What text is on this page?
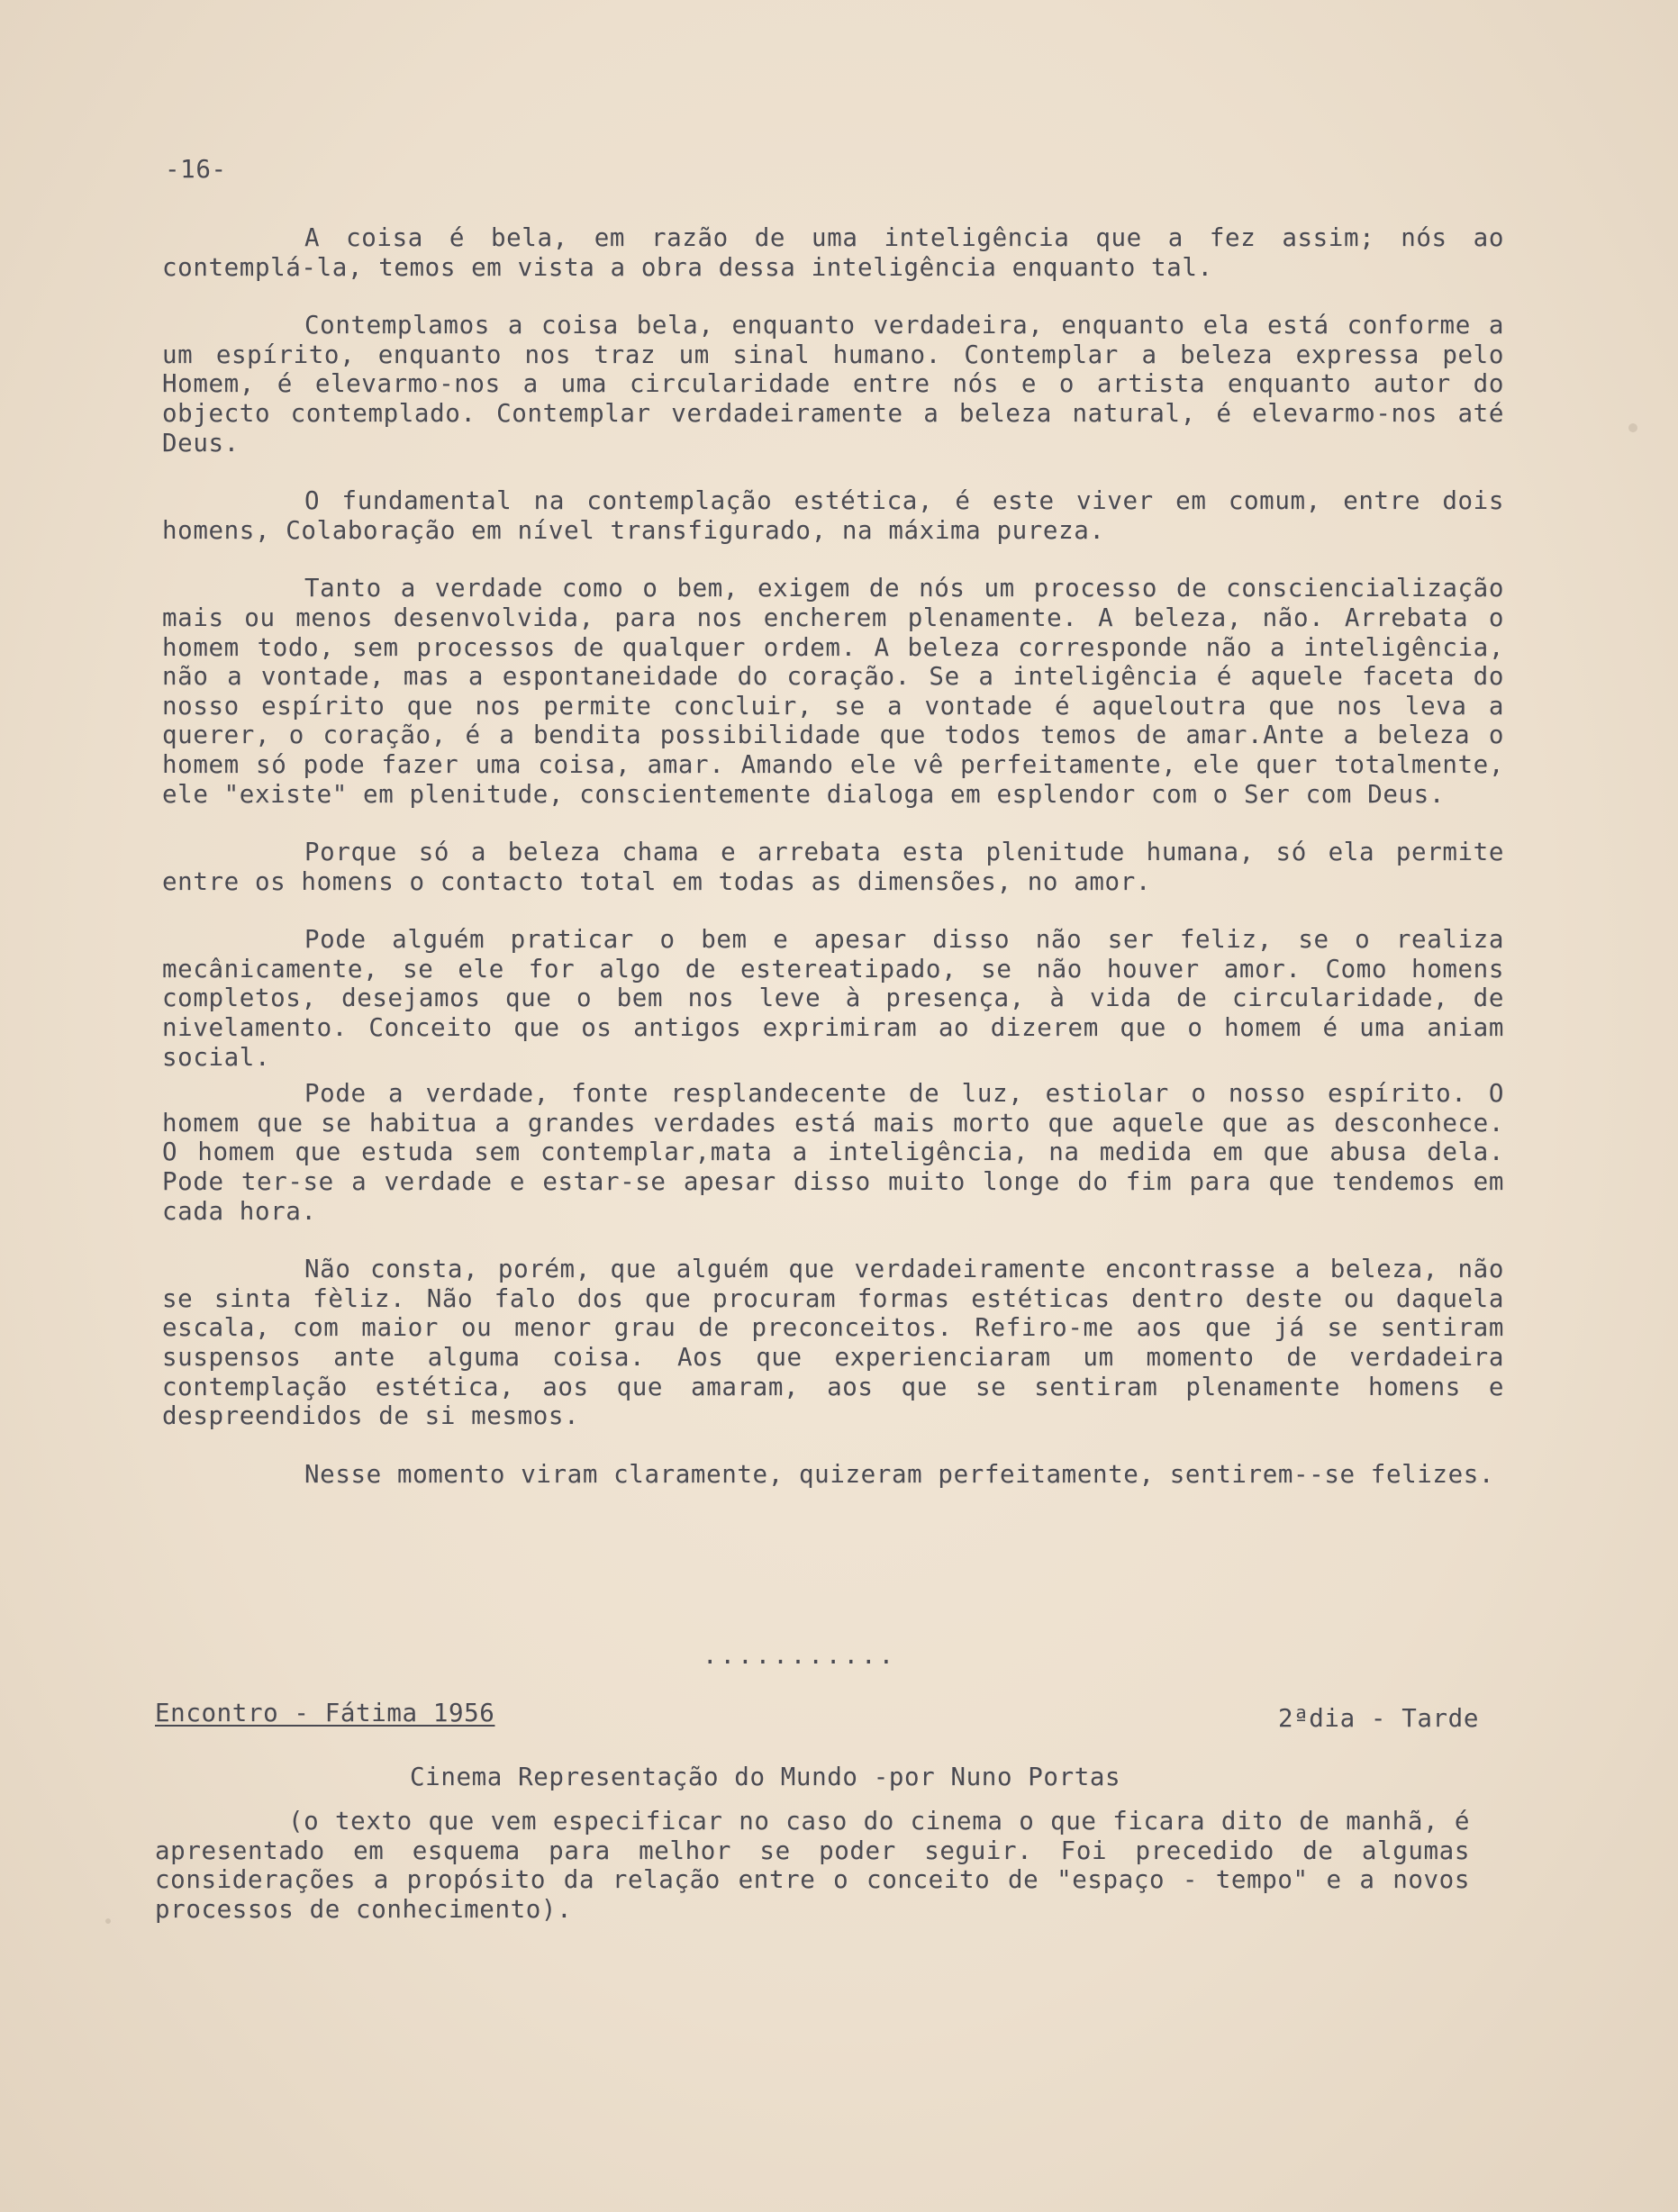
-16-

A coisa é bela, em razão de uma inteligência que a fez assim; nós ao contemplá-la, temos em vista a obra dessa inteligência enquanto tal.

Contemplamos a coisa bela, enquanto verdadeira, enquanto ela está conforme a um espírito, enquanto nos traz um sinal humano. Contemplar a beleza expressa pelo Homem, é elevarmo-nos a uma circularidade entre nós e o artista enquanto autor do objecto contemplado. Contemplar verdadeiramente a beleza natural, é elevarmo-nos até Deus.

O fundamental na contemplação estética, é este viver em comum, entre dois homens, Colaboração em nível transfigurado, na máxima pureza.

Tanto a verdade como o bem, exigem de nós um processo de consciencialização mais ou menos desenvolvida, para nos encherem plenamente. A beleza, não. Arrebata o homem todo, sem processos de qualquer ordem. A beleza corresponde não a inteligência, não a vontade, mas a espontaneidade do coração. Se a inteligência é aquele faceta do nosso espírito que nos permite concluir, se a vontade é aqueloutra que nos leva a querer, o coração, é a bendita possibilidade que todos temos de amar.Ante a beleza o homem só pode fazer uma coisa, amar. Amando ele vê perfeitamente, ele quer totalmente, ele "existe" em plenitude, conscientemente dialoga em esplendor com o Ser com Deus.

Porque só a beleza chama e arrebata esta plenitude humana, só ela permite entre os homens o contacto total em todas as dimensões, no amor.

Pode alguém praticar o bem e apesar disso não ser feliz, se o realiza mecânicamente, se ele for algo de estereatipado, se não houver amor. Como homens completos, desejamos que o bem nos leve à presença, à vida de circularidade, de nivelamento. Conceito que os antigos exprimiram ao dizerem que o homem é uma aniam social.

Pode a verdade, fonte resplandecente de luz, estiolar o nosso espírito. O homem que se habitua a grandes verdades está mais morto que aquele que as desconhece. O homem que estuda sem contemplar,mata a inteligência, na medida em que abusa dela. Pode ter-se a verdade e estar-se apesar disso muito longe do fim para que tendemos em cada hora.

Não consta, porém, que alguém que verdadeiramente encontrasse a beleza, não se sinta fèliz. Não falo dos que procuram formas estéticas dentro deste ou daquela escala, com maior ou menor grau de preconceitos. Refiro-me aos que já se sentiram suspensos ante alguma coisa. Aos que experienciaram um momento de verdadeira contemplação estética, aos que amaram, aos que se sentiram plenamente homens e despreendidos de si mesmos.

Nesse momento viram claramente, quizeram perfeitamente, sentirem--se felizes.

...........

Encontro - Fátima 1956	2ªdia - Tarde

Cinema Representação do Mundo -por Nuno Portas

(o texto que vem especificar no caso do cinema o que ficara dito de manhã, é apresentado em esquema para melhor se poder seguir. Foi precedido de algumas considerações a propósito da relação entre o conceito de "espaço - tempo" e a novos processos de conhecimento).
